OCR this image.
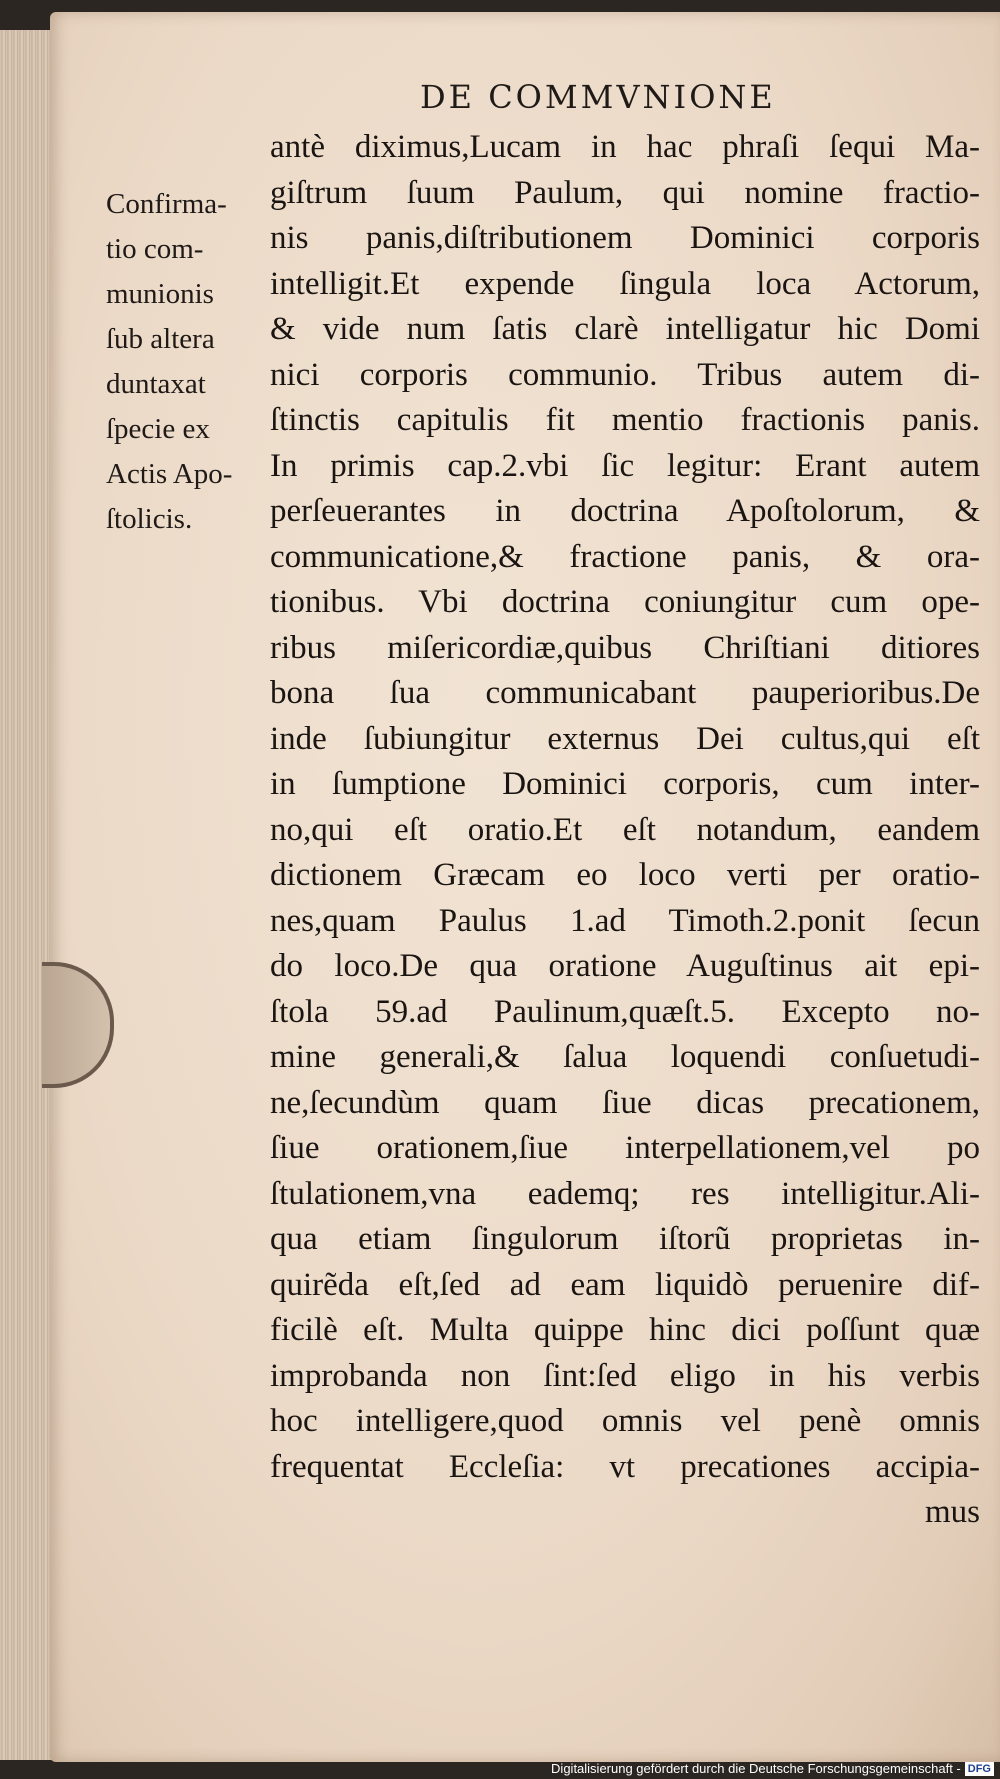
DE COMMVNIONE
Confirma-
tio com-
munionis
ſub altera
duntaxat
ſpecie ex
Actis Apo-
ſtolicis.
antè diximus,Lucam in hac phraſi ſequi Ma-
giſtrum ſuum Paulum, qui nomine fractio-
nis panis,diſtributionem Dominici corporis
intelligit.Et expende ſingula loca Actorum,
& vide num ſatis clarè intelligatur hic Domi
nici corporis communio. Tribus autem di-
ſtinctis capitulis fit mentio fractionis panis.
In primis cap.2.vbi ſic legitur: Erant autem
perſeuerantes in doctrina Apoſtolorum, &
communicatione,& fractione panis, & ora-
tionibus. Vbi doctrina coniungitur cum ope-
ribus miſericordiæ,quibus Chriſtiani ditiores
bona ſua communicabant pauperioribus.De
inde ſubiungitur externus Dei cultus,qui eſt
in ſumptione Dominici corporis, cum inter-
no,qui eſt oratio.Et eſt notandum, eandem
dictionem Græcam eo loco verti per oratio-
nes,quam Paulus 1.ad Timoth.2.ponit ſecun
do loco.De qua oratione Auguſtinus ait epi-
ſtola 59.ad Paulinum,quæſt.5. Excepto no-
mine generali,& ſalua loquendi conſuetudi-
ne,ſecundùm quam ſiue dicas precationem,
ſiue orationem,ſiue interpellationem,vel po
ſtulationem,vna eademq; res intelligitur.Ali-
qua etiam ſingulorum iſtorũ proprietas in-
quirẽda eſt,ſed ad eam liquidò peruenire dif-
ficilè eſt. Multa quippe hinc dici poſſunt quæ
improbanda non ſint:ſed eligo in his verbis
hoc intelligere,quod omnis vel penè omnis
frequentat Eccleſia: vt precationes accipia-
mus
Digitalisierung gefördert durch die Deutsche Forschungsgemeinschaft - DFG
